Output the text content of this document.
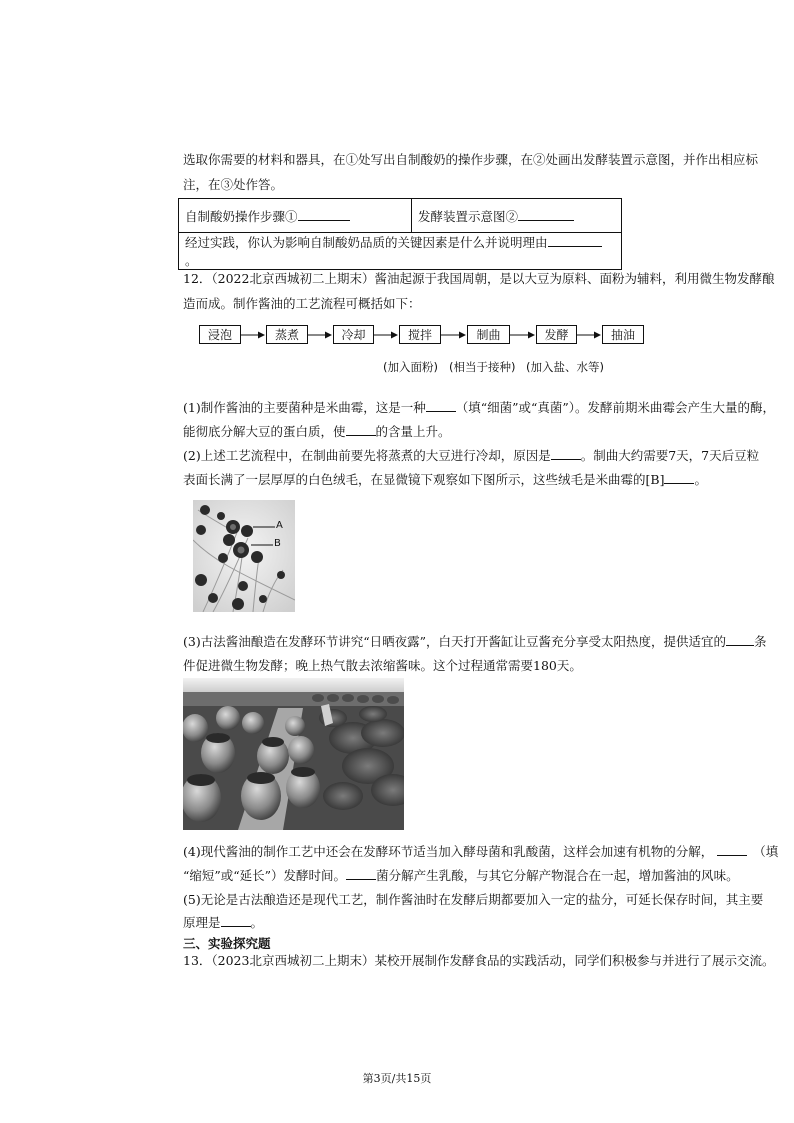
选取你需要的材料和器具，在①处写出自制酸奶的操作步骤，在②处画出发酵装置示意图，并作出相应标
注，在③处作答。
自制酸奶操作步骤①	发酵装置示意图②
经过实践，你认为影响自制酸奶品质的关键因素是什么并说明理由 。
12．（2022北京西城初二上期末）酱油起源于我国周朝，是以大豆为原料、面粉为辅料，利用微生物发酵酿
造而成。制作酱油的工艺流程可概括如下：
浸泡	蒸煮	冷却	搅拌	制曲	发酵	抽油
(加入面粉) (相当于接种) (加入盐、水等)
(1)制作酱油的主要菌种是米曲霉，这是一种 （填“细菌”或“真菌”）。发酵前期米曲霉会产生大量的酶，
能彻底分解大豆的蛋白质，使 的含量上升。
(2)上述工艺流程中，在制曲前要先将蒸煮的大豆进行冷却，原因是 。制曲大约需要7天，7天后豆粒
表面长满了一层厚厚的白色绒毛，在显微镜下观察如下图所示，这些绒毛是米曲霉的[B] 。
A
B
(3)古法酱油酿造在发酵环节讲究“日晒夜露”，白天打开酱缸让豆酱充分享受太阳热度，提供适宜的 条
件促进微生物发酵；晚上热气散去浓缩酱味。这个过程通常需要180天。
(4)现代酱油的制作工艺中还会在发酵环节适当加入酵母菌和乳酸菌，这样会加速有机物的分解，	（填
“缩短”或“延长”）发酵时间。 菌分解产生乳酸，与其它分解产物混合在一起，增加酱油的风味。
(5)无论是古法酿造还是现代工艺，制作酱油时在发酵后期都要加入一定的盐分，可延长保存时间，其主要
原理是 。
三、实验探究题
13．（2023北京西城初二上期末）某校开展制作发酵食品的实践活动，同学们积极参与并进行了展示交流。
第3页/共15页
